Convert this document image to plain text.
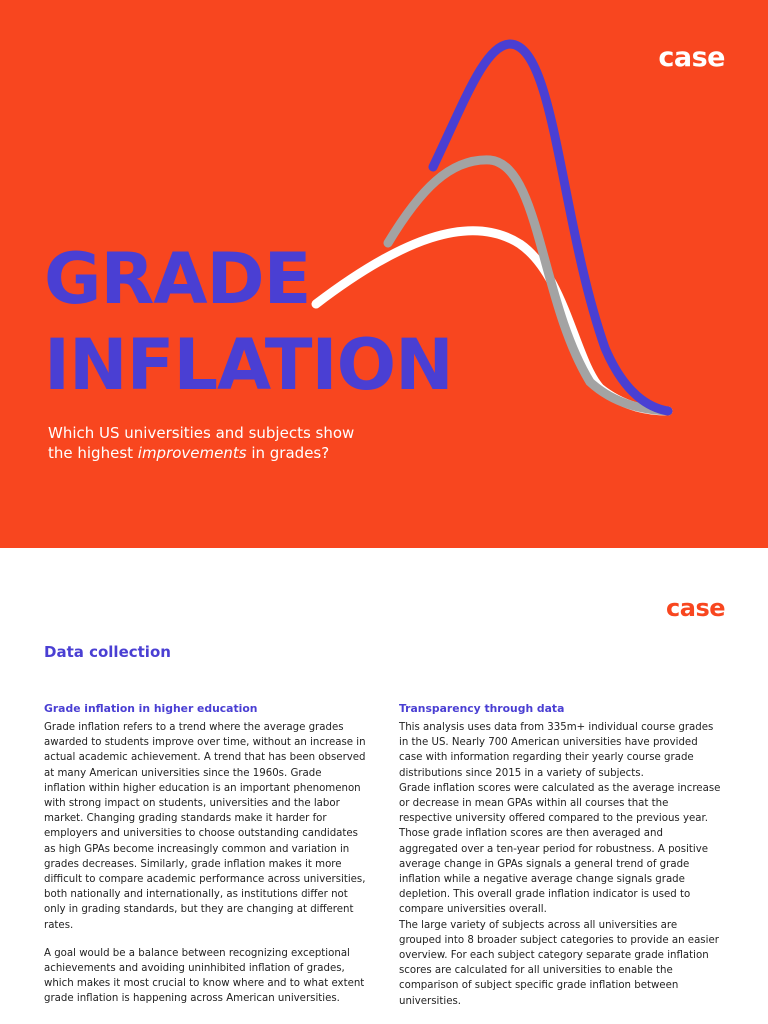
case
GRADE
INFLATION

Which US universities and subjects show the highest improvements in grades?

case
Data collection
Grade inflation in higher education

Grade inflation refers to a trend where the average grades awarded to students improve over time, without an increase in actual academic achievement. A trend that has been observed at many American universities since the 1960s. Grade inflation within higher education is an important phenomenon with strong impact on students, universities and the labor market. Changing grading standards make it harder for employers and universities to choose outstanding candidates as high GPAs become increasingly common and variation in grades decreases. Similarly, grade inflation makes it more difficult to compare academic performance across universities, both nationally and internationally, as institutions differ not only in grading standards, but they are changing at different rates.

A goal would be a balance between recognizing exceptional achievements and avoiding uninhibited inflation of grades, which makes it most crucial to know where and to what extent grade inflation is happening across American universities.

Transparency through data

This analysis uses data from 335m+ individual course grades in the US. Nearly 700 American universities have provided case with information regarding their yearly course grade distributions since 2015 in a variety of subjects.

Grade inflation scores were calculated as the average increase or decrease in mean GPAs within all courses that the respective university offered compared to the previous year. Those grade inflation scores are then averaged and aggregated over a ten-year period for robustness. A positive average change in GPAs signals a general trend of grade inflation while a negative average change signals grade depletion. This overall grade inflation indicator is used to compare universities overall.

The large variety of subjects across all universities are grouped into 8 broader subject categories to provide an easier overview. For each subject category separate grade inflation scores are calculated for all universities to enable the comparison of subject specific grade inflation between universities.
